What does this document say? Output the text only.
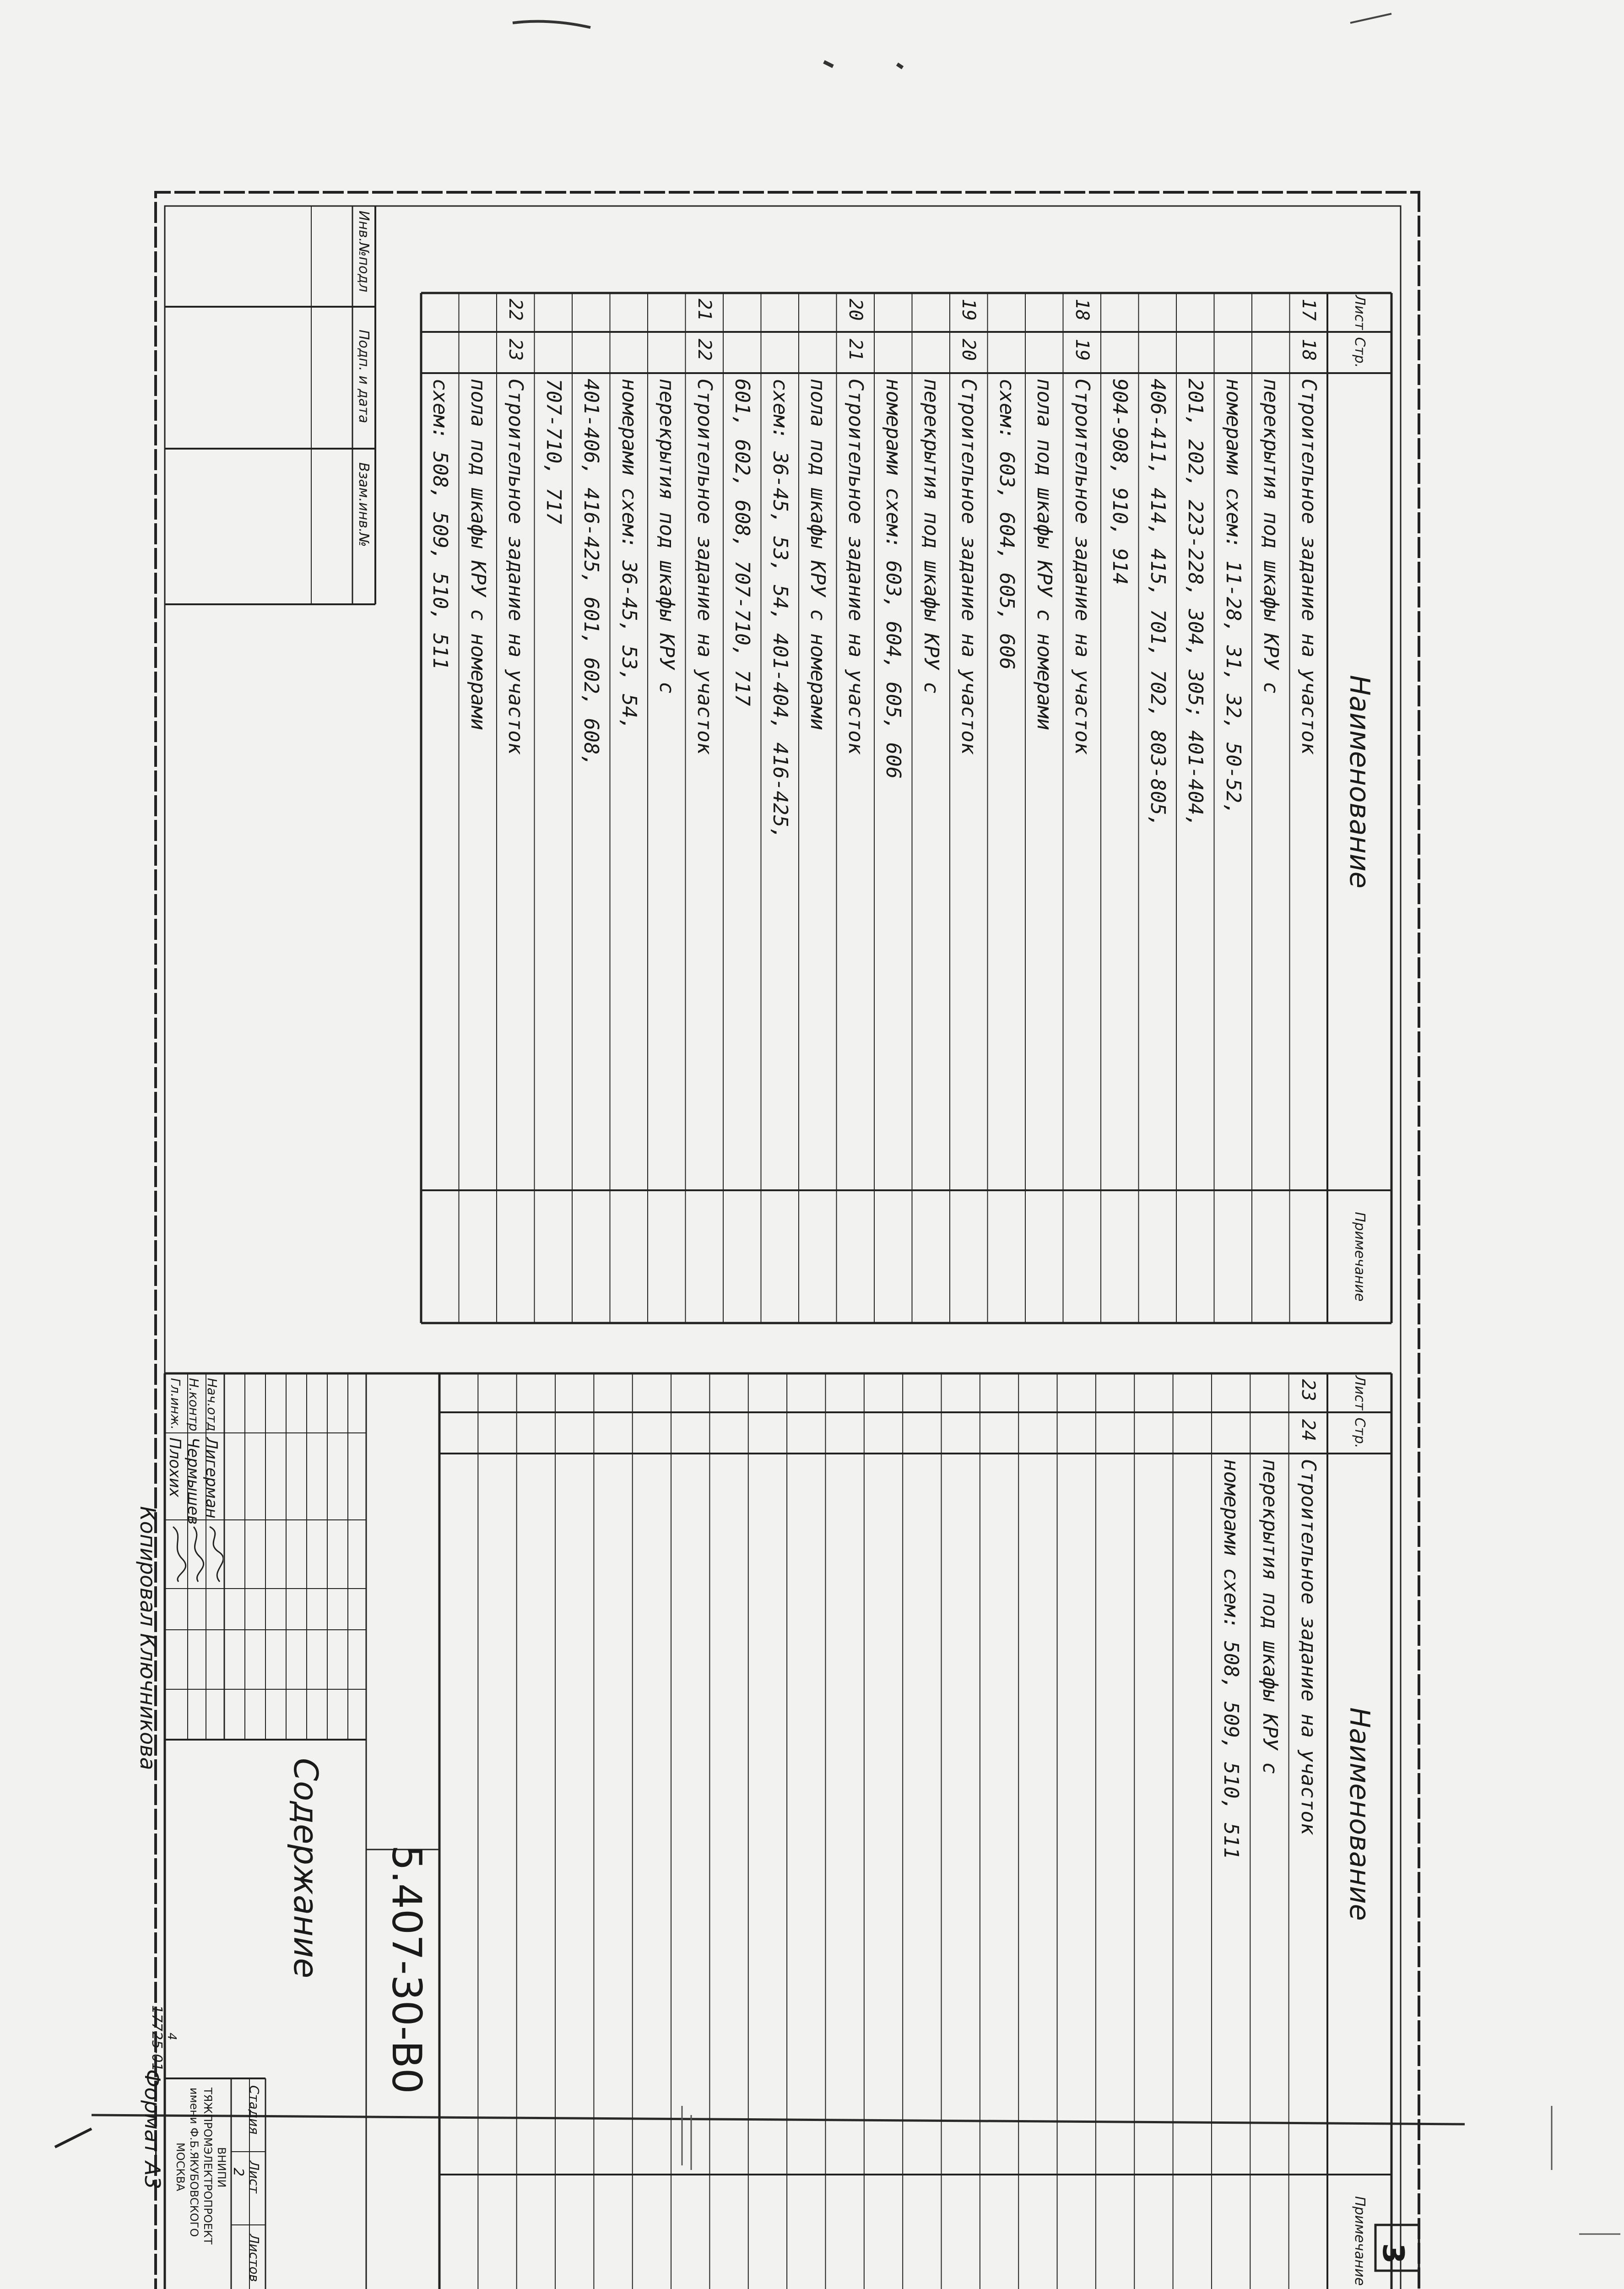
3
Инв.№подл
Подп. и дата
Взам.инв.№
Лист
Стр.
Наименование
Примечание
17
18
Строительное задание на участок
перекрытия под шкафы КРУ с
номерами схем: 11-28, 31, 32, 50-52,
201, 202, 223-228, 304, 305; 401-404,
406-411, 414, 415, 701, 702, 803-805,
904-908, 910, 914
18
19
Строительное задание на участок
пола под шкафы КРУ с номерами
схем: 603, 604, 605, 606
19
20
Строительное задание на участок
перекрытия под шкафы КРУ с
номерами схем: 603, 604, 605, 606
20
21
Строительное задание на участок
пола под шкафы КРУ с номерами
схем: 36-45, 53, 54, 401-404, 416-425,
601, 602, 608, 707-710, 717
21
22
Строительное задание на участок
перекрытия под шкафы КРУ с
номерами схем: 36-45, 53, 54,
401-406, 416-425, 601, 602, 608,
707-710, 717
22
23
Строительное задание на участок
пола под шкафы КРУ с номерами
схем: 508, 509, 510, 511
Лист
Стр.
Наименование
Примечание
23
24
Строительное задание на участок
перекрытия под шкафы КРУ с
номерами схем: 508, 509, 510, 511
5.407-30-В0
Содержание
Нач.отд
Лигерман
Н.контр
Чермышев
Гл.инж.
Плохих
Стадия
Лист
Листов
2
ВНИПИ
ТЯЖПРОМЭЛЕКТРОПРОЕКТ
имени Ф.Б.ЯКУБОВСКОГО
МОСКВА
Копировал Ключникова
17725-01 4
Формат А3
